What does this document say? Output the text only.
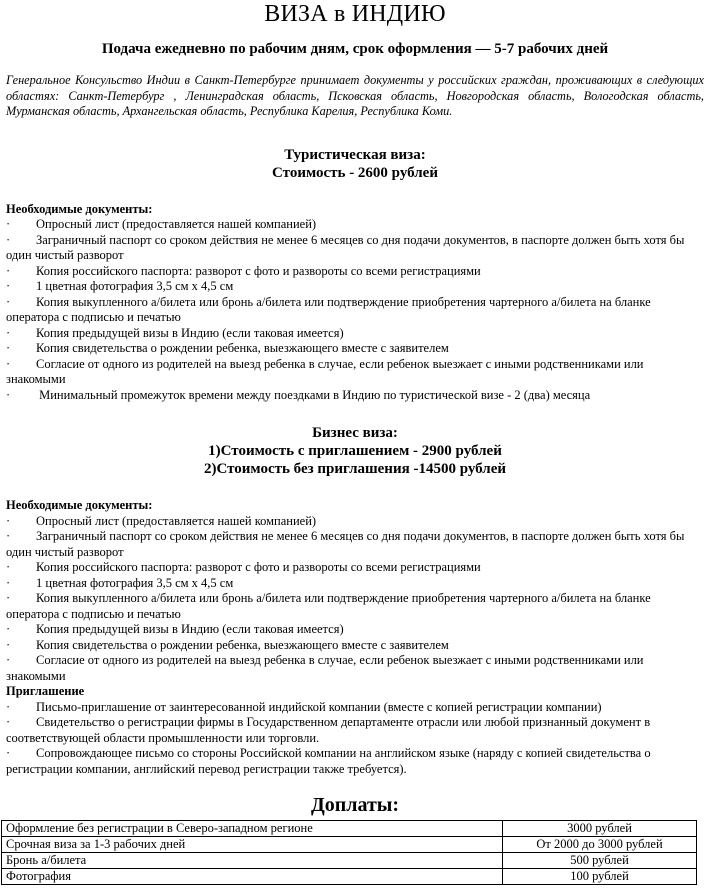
ВИЗА в ИНДИЮ

Подача ежедневно по рабочим дням, срок оформления — 5-7 рабочих дней

Генеральное Консульство Индии в Санкт-Петербурге принимает документы у российских граждан, проживающих в следующих областях: Санкт-Петербург , Ленинградская область, Псковская область, Новгородская область, Вологодская область, Мурманская область, Архангельская область, Республика Карелия, Республика Коми.

Туристическая виза:

Стоимость - 2600 рублей

Необходимые документы:

· Опросный лист (предоставляется нашей компанией)
· Заграничный паспорт со сроком действия не менее 6 месяцев со дня подачи документов, в паспорте должен быть хотя бы один чистый разворот
· Копия российского паспорта: разворот с фото и развороты со всеми регистрациями
· 1 цветная фотография 3,5 см х 4,5 см
· Копия выкупленного а/билета или бронь а/билета или подтверждение приобретения чартерного а/билета на бланке оператора с подписью и печатью
· Копия предыдущей визы в Индию (если таковая имеется)
· Копия свидетельства о рождении ребенка, выезжающего вместе с заявителем
· Согласие от одного из родителей на выезд ребенка в случае, если ребенок выезжает с иными родственниками или знакомыми
· Минимальный промежуток времени между поездками в Индию по туристической визе - 2 (два) месяца

Бизнес виза:

1)Стоимость с приглашением - 2900 рублей

2)Стоимость без приглашения -14500 рублей

Необходимые документы:

· Опросный лист (предоставляется нашей компанией)
· Заграничный паспорт со сроком действия не менее 6 месяцев со дня подачи документов, в паспорте должен быть хотя бы один чистый разворот
· Копия российского паспорта: разворот с фото и развороты со всеми регистрациями
· 1 цветная фотография 3,5 см х 4,5 см
· Копия выкупленного а/билета или бронь а/билета или подтверждение приобретения чартерного а/билета на бланке оператора с подписью и печатью
· Копия предыдущей визы в Индию (если таковая имеется)
· Копия свидетельства о рождении ребенка, выезжающего вместе с заявителем
· Согласие от одного из родителей на выезд ребенка в случае, если ребенок выезжает с иными родственниками или знакомыми

Приглашение

· Письмо-приглашение от заинтересованной индийской компании (вместе с копией регистрации компании)
· Свидетельство о регистрации фирмы в Государственном департаменте отрасли или любой признанный документ в соответствующей области промышленности или торговли.
· Сопровождающее письмо со стороны Российской компании на английском языке (наряду с копией свидетельства о регистрации компании, английский перевод регистрации также требуется).

Доплаты:

Оформление без регистрации в Северо-западном регионе	3000 рублей
Срочная виза за 1-3 рабочих дней	От 2000 до 3000 рублей
Бронь а/билета	500 рублей
Фотография	100 рублей
